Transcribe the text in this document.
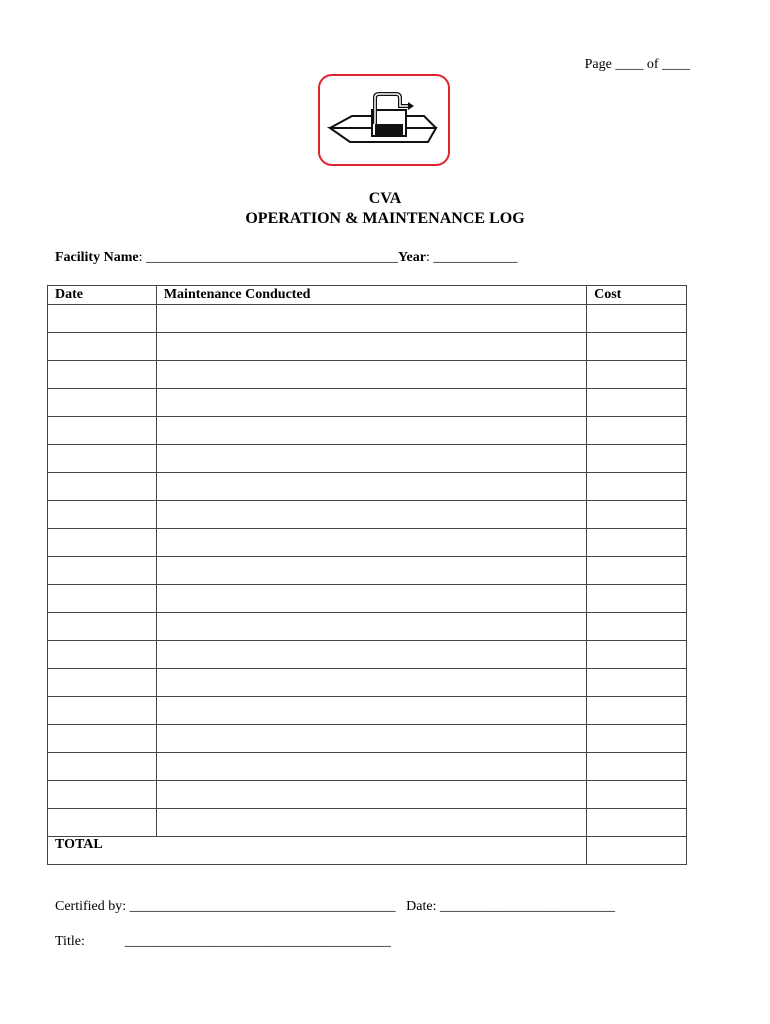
Page ____ of ____
CVA
OPERATION & MAINTENANCE LOG
Facility Name: ____________________________________Year: ____________
Date	Maintenance Conducted	Cost

TOTAL		
Certified by: ______________________________________ Date: _________________________
Title:	______________________________________
